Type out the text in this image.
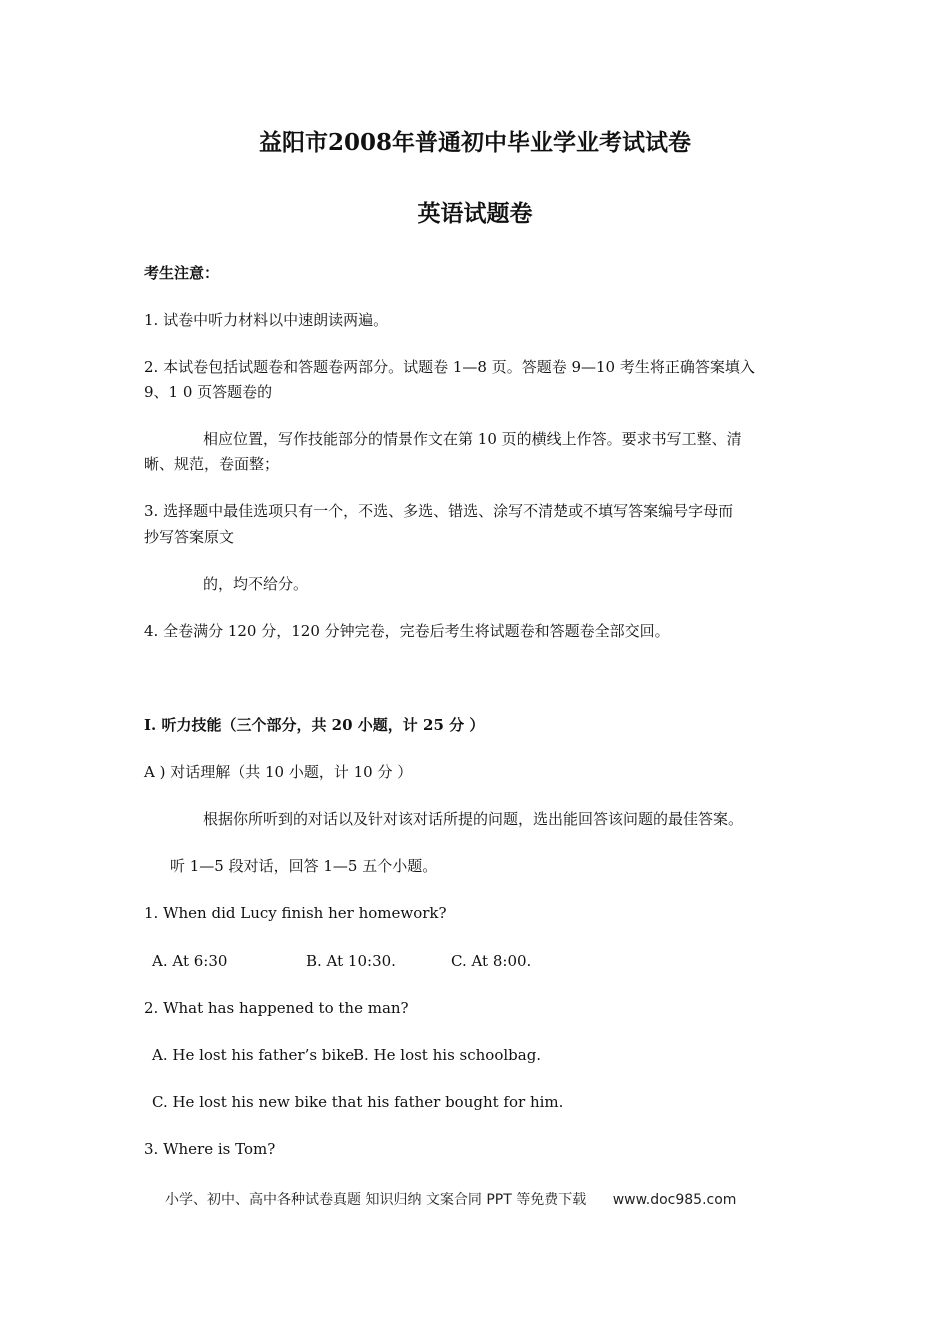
益阳市2008年普通初中毕业学业考试试卷
英语试题卷
考生注意：
1. 试卷中听力材料以中速朗读两遍。
2. 本试卷包括试题卷和答题卷两部分。试题卷 1—8 页。答题卷 9—10 考生将正确答案填入
9、1 0 页答题卷的
相应位置，写作技能部分的情景作文在第 10 页的横线上作答。要求书写工整、清
晰、规范，卷面整；
3. 选择题中最佳选项只有一个，不选、多选、错选、涂写不清楚或不填写答案编号字母而
抄写答案原文
的，均不给分。
4. 全卷满分 120 分，120 分钟完卷，完卷后考生将试题卷和答题卷全部交回。
I. 听力技能（三个部分，共 20 小题，计 25 分 ）
A ) 对话理解（共 10 小题，计 10 分 ）
根据你所听到的对话以及针对该对话所提的问题，选出能回答该问题的最佳答案。
听 1—5 段对话，回答 1—5 五个小题。
1. When did Lucy finish her homework?
A. At 6:30	B. At 10:30.	C. At 8:00.
2. What has happened to the man?
A. He lost his father’s bike.
B. He lost his schoolbag.
C. He lost his new bike that his father bought for him.
3. Where is Tom?
小学、初中、高中各种试卷真题 知识归纳 文案合同 PPT 等免费下载 www.doc985.com
